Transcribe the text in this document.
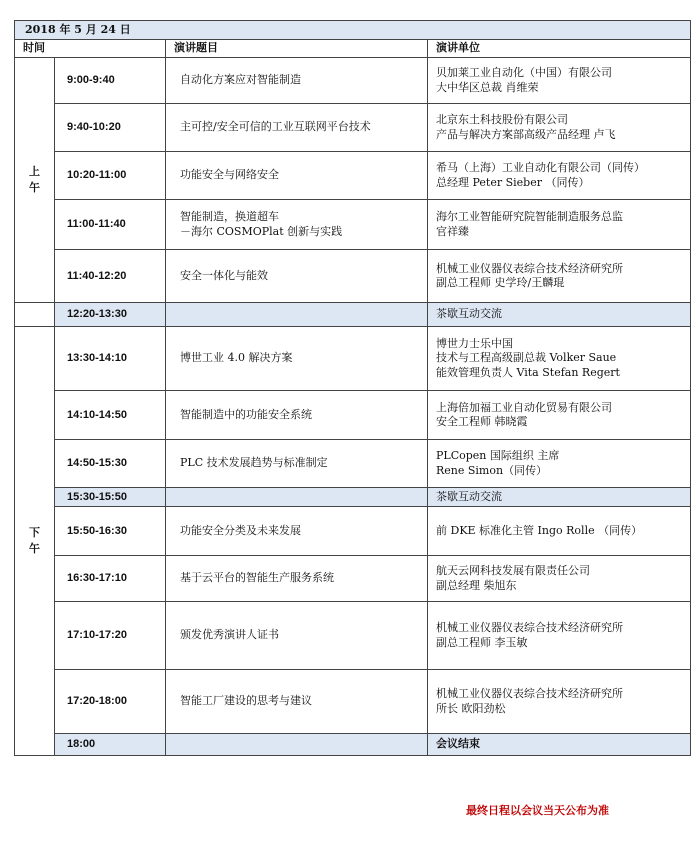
2018 年 5 月 24 日			
时间		演讲题目	演讲单位
上
午	9:00-9:40	自动化方案应对智能制造	贝加莱工业自动化（中国）有限公司
大中华区总裁 肖维荣
	9:40-10:20	主可控/安全可信的工业互联网平台技术	北京东土科技股份有限公司
产品与解决方案部高级产品经理 卢飞
	10:20-11:00	功能安全与网络安全	希马（上海）工业自动化有限公司（同传）
总经理 Peter Sieber （同传）
	11:00-11:40	智能制造，换道超车
－海尔 COSMOPlat 创新与实践	海尔工业智能研究院智能制造服务总监
官祥臻
	11:40-12:20	安全一体化与能效	机械工业仪器仪表综合技术经济研究所
副总工程师 史学玲/王麟琨
	12:20-13:30		茶歇互动交流
下
午	13:30-14:10	博世工业 4.0 解决方案	博世力士乐中国
技术与工程高级副总裁 Volker Saue
能效管理负责人 Vita Stefan Regert
	14:10-14:50	智能制造中的功能安全系统	上海倍加福工业自动化贸易有限公司
安全工程师 韩晓霞
	14:50-15:30	PLC 技术发展趋势与标准制定	PLCopen 国际组织 主席
Rene Simon（同传）
	15:30-15:50		茶歇互动交流
	15:50-16:30	功能安全分类及未来发展	前 DKE 标准化主管 Ingo Rolle （同传）
	16:30-17:10	基于云平台的智能生产服务系统	航天云网科技发展有限责任公司
副总经理 柴旭东
	17:10-17:20	颁发优秀演讲人证书	机械工业仪器仪表综合技术经济研究所
副总工程师 李玉敏
	17:20-18:00	智能工厂建设的思考与建议	机械工业仪器仪表综合技术经济研究所
所长 欧阳劲松
	18:00		会议结束

最终日程以会议当天公布为准
